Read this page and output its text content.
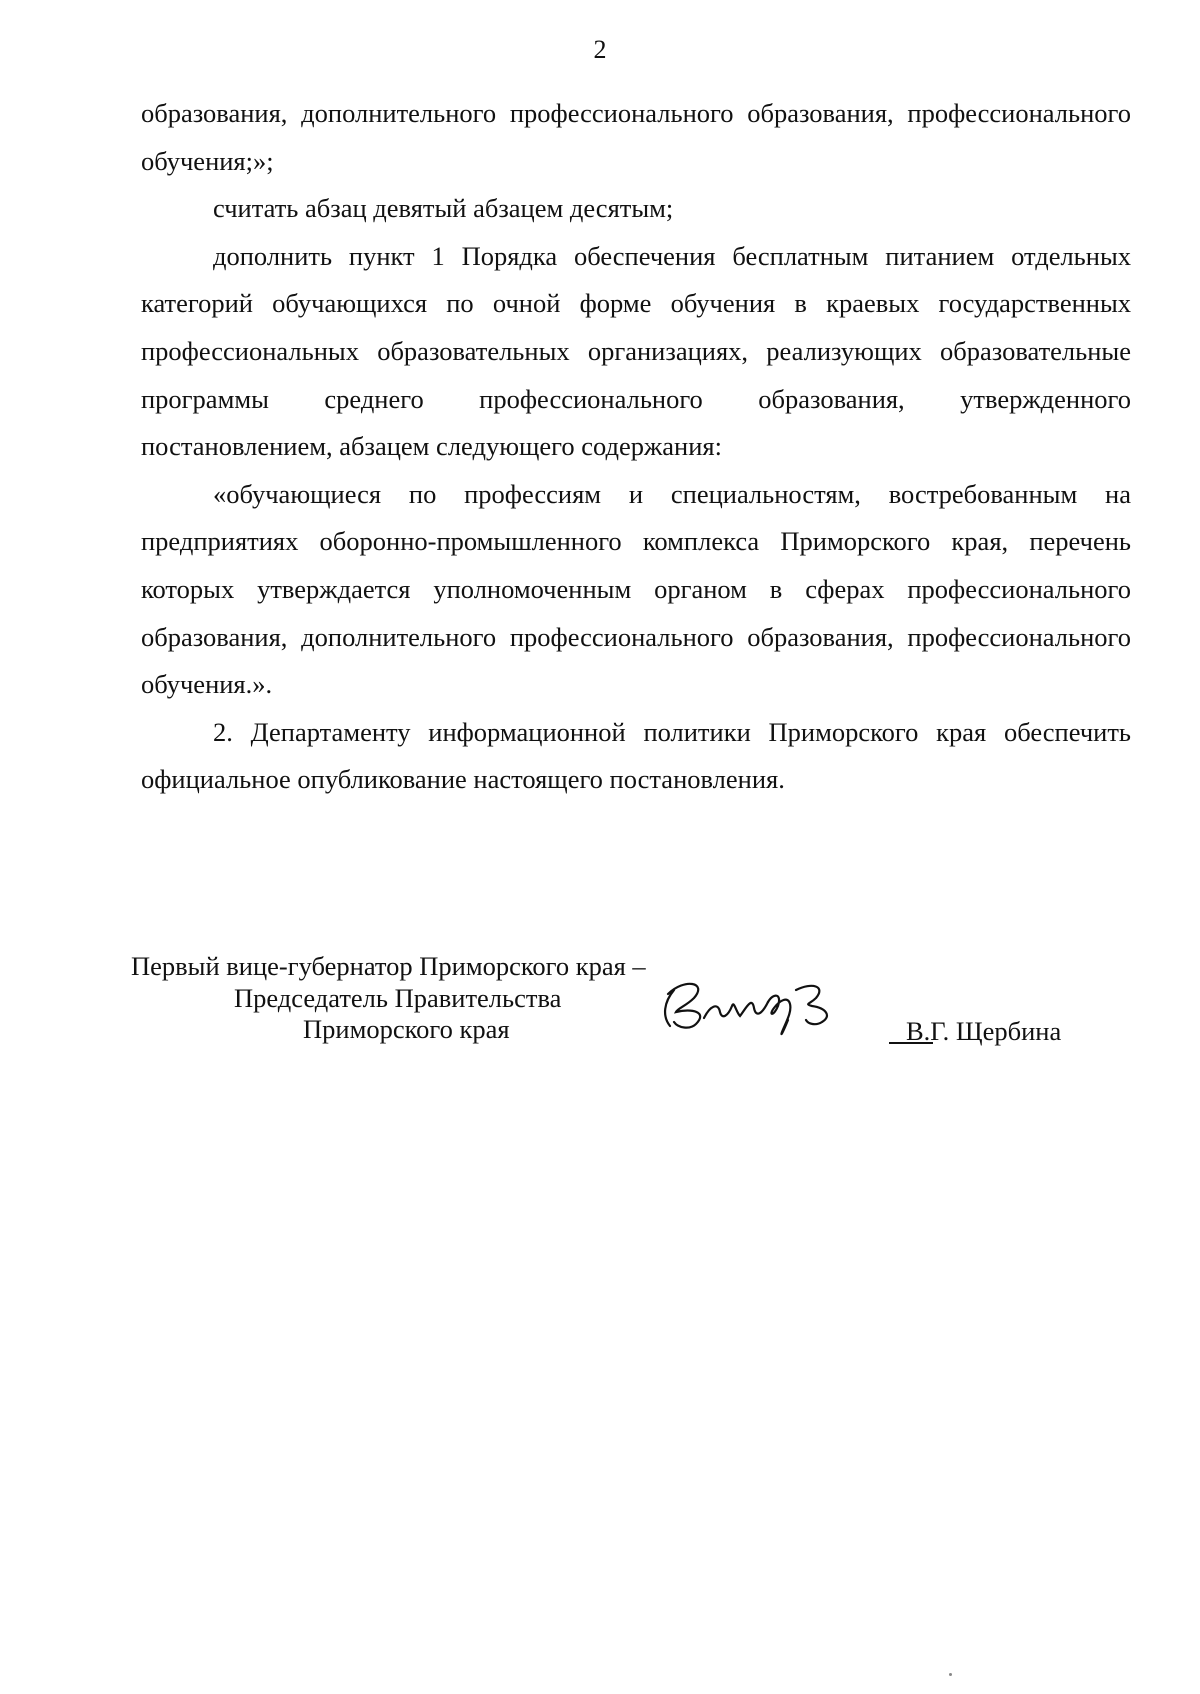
2

образования, дополнительного профессионального образования, профессионального обучения;»;

считать абзац девятый абзацем десятым;

дополнить пункт 1 Порядка обеспечения бесплатным питанием отдельных категорий обучающихся по очной форме обучения в краевых государственных профессиональных образовательных организациях, реализующих образовательные программы среднего профессионального образования, утвержденного постановлением, абзацем следующего содержания:

«обучающиеся по профессиям и специальностям, востребованным на предприятиях оборонно-промышленного комплекса Приморского края, перечень которых утверждается уполномоченным органом в сферах профессионального образования, дополнительного профессионального образования, профессионального обучения.».

2. Департаменту информационной политики Приморского края обеспечить официальное опубликование настоящего постановления.

Первый вице-губернатор Приморского края –
Председатель Правительства
Приморского края	В.Г. Щербина
